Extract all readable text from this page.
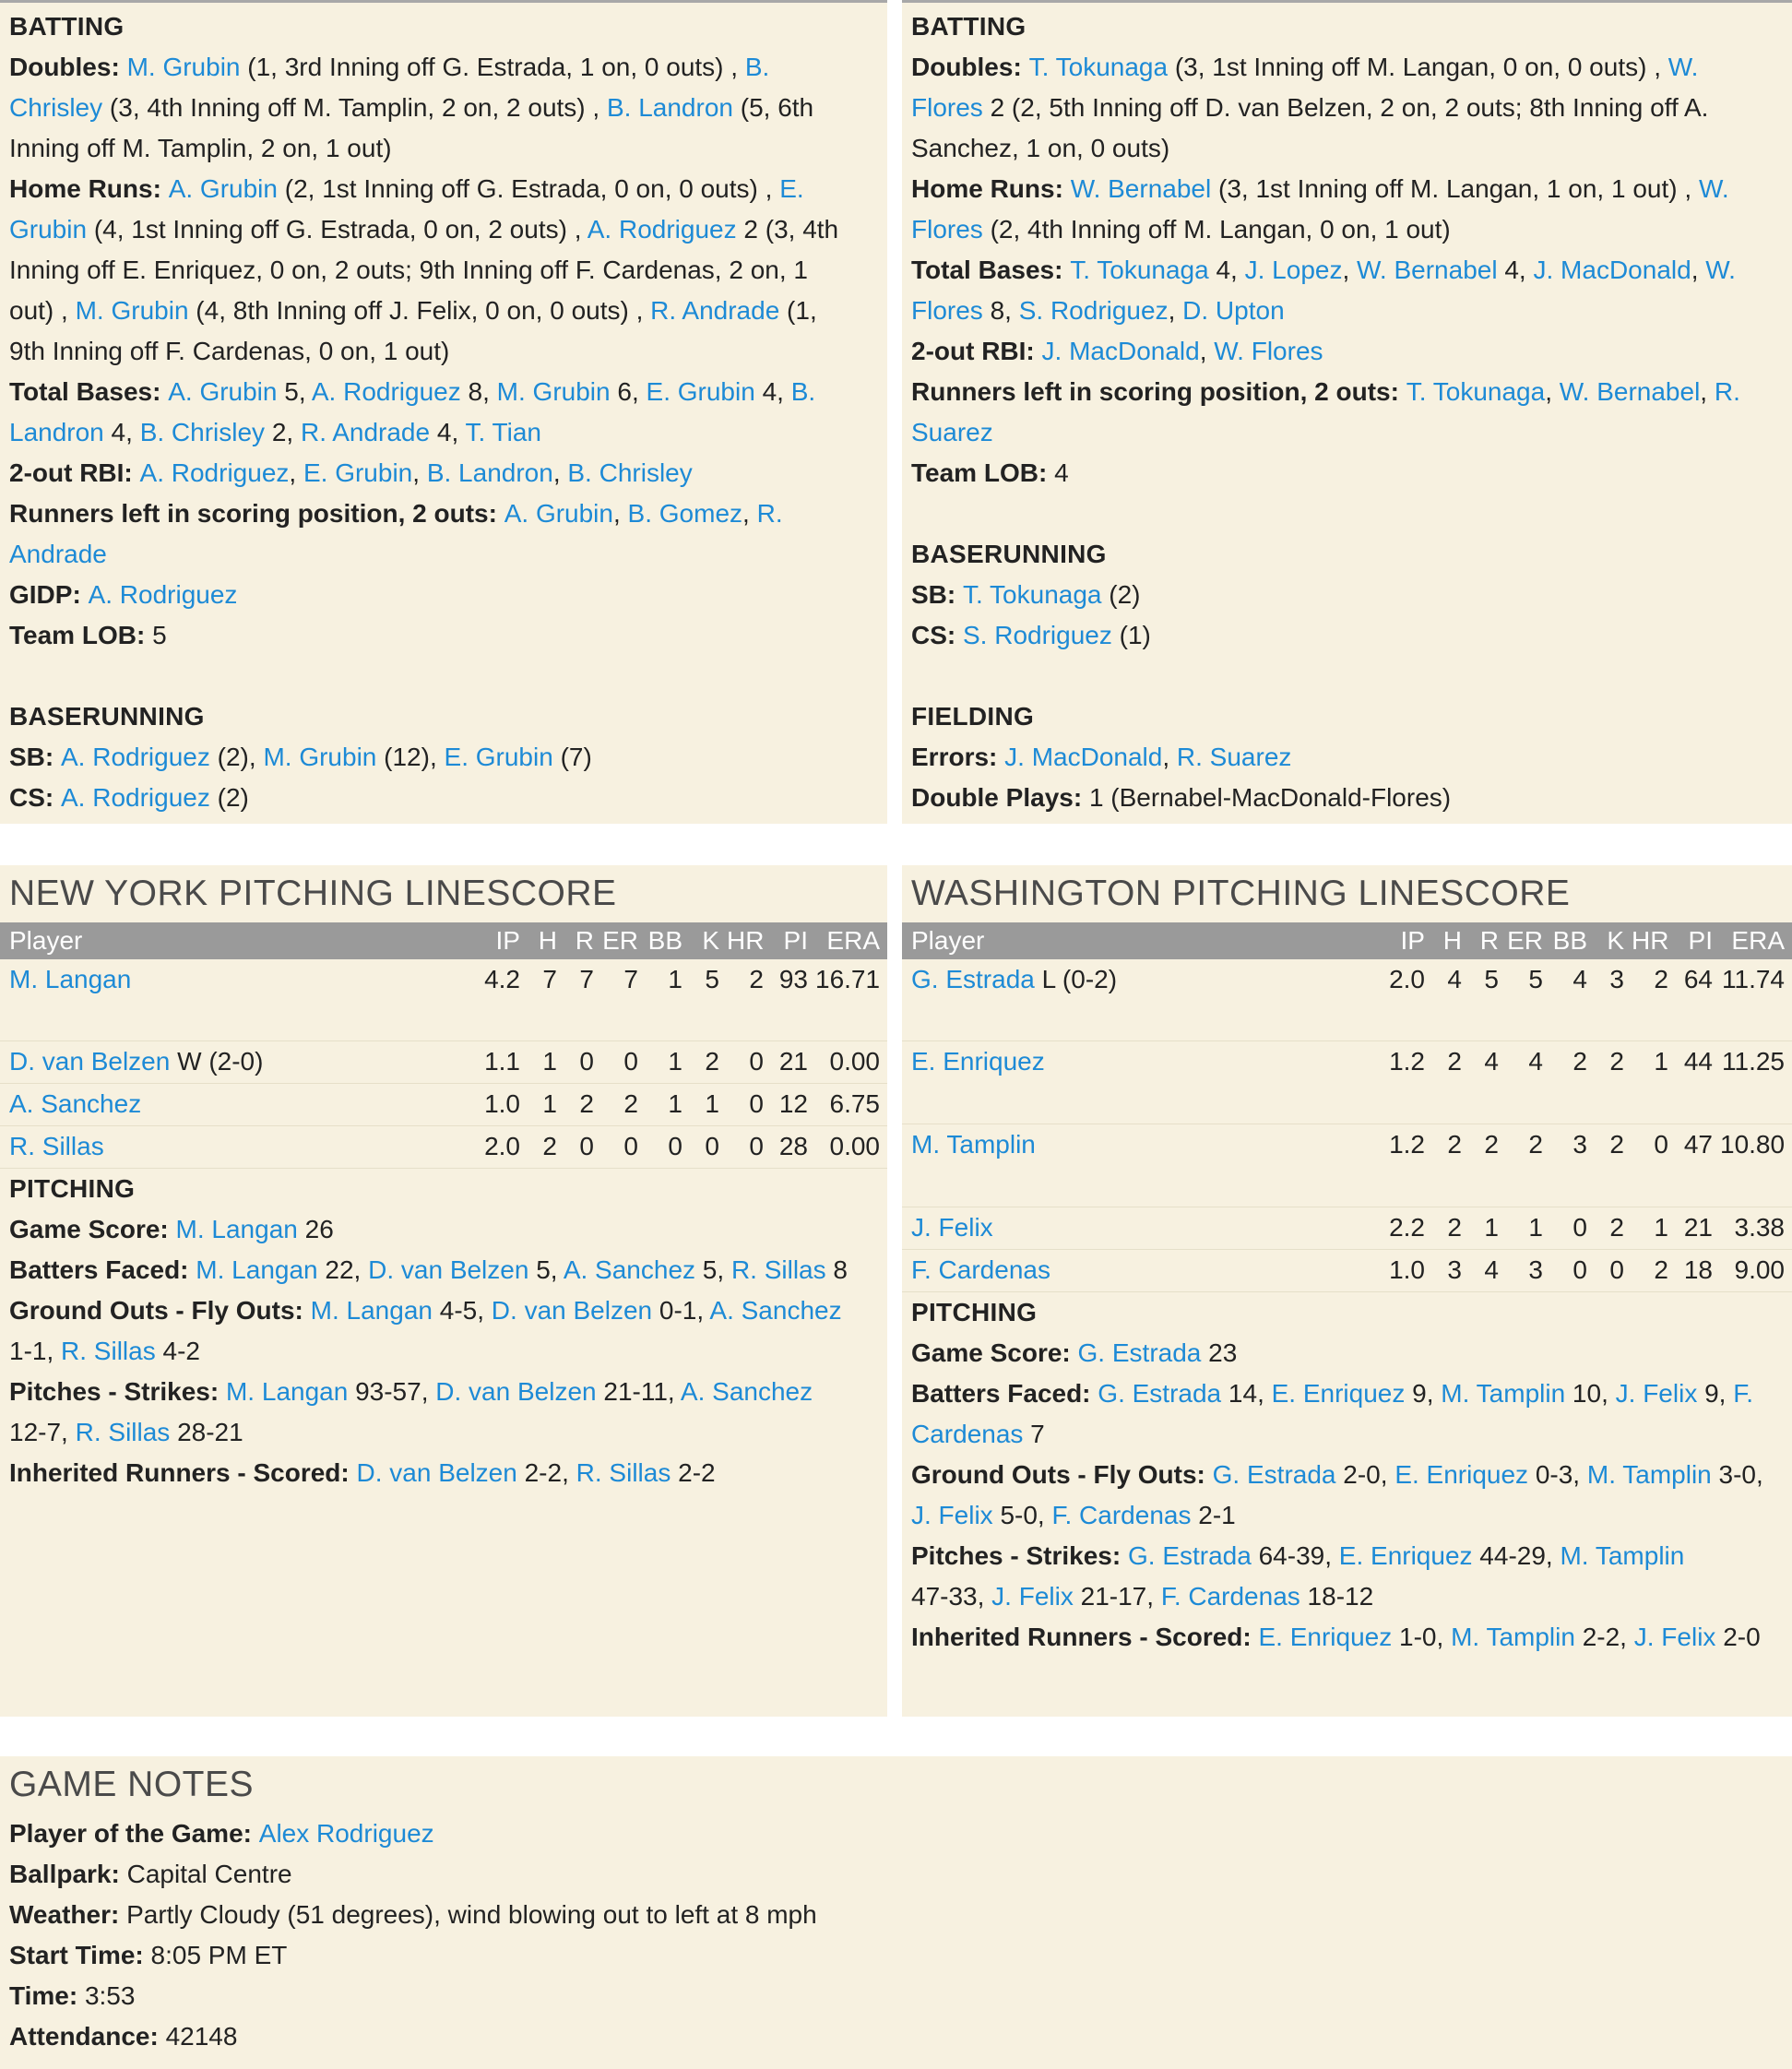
BATTING
Doubles: M. Grubin (1, 3rd Inning off G. Estrada, 1 on, 0 outs) , B.
Chrisley (3, 4th Inning off M. Tamplin, 2 on, 2 outs) , B. Landron (5, 6th
Inning off M. Tamplin, 2 on, 1 out)
Home Runs: A. Grubin (2, 1st Inning off G. Estrada, 0 on, 0 outs) , E.
Grubin (4, 1st Inning off G. Estrada, 0 on, 2 outs) , A. Rodriguez 2 (3, 4th
Inning off E. Enriquez, 0 on, 2 outs; 9th Inning off F. Cardenas, 2 on, 1
out) , M. Grubin (4, 8th Inning off J. Felix, 0 on, 0 outs) , R. Andrade (1,
9th Inning off F. Cardenas, 0 on, 1 out)
Total Bases: A. Grubin 5, A. Rodriguez 8, M. Grubin 6, E. Grubin 4, B.
Landron 4, B. Chrisley 2, R. Andrade 4, T. Tian
2-out RBI: A. Rodriguez, E. Grubin, B. Landron, B. Chrisley
Runners left in scoring position, 2 outs: A. Grubin, B. Gomez, R.
Andrade
GIDP: A. Rodriguez
Team LOB: 5
BASERUNNING
SB: A. Rodriguez (2), M. Grubin (12), E. Grubin (7)
CS: A. Rodriguez (2)
BATTING
Doubles: T. Tokunaga (3, 1st Inning off M. Langan, 0 on, 0 outs) , W.
Flores 2 (2, 5th Inning off D. van Belzen, 2 on, 2 outs; 8th Inning off A.
Sanchez, 1 on, 0 outs)
Home Runs: W. Bernabel (3, 1st Inning off M. Langan, 1 on, 1 out) , W.
Flores (2, 4th Inning off M. Langan, 0 on, 1 out)
Total Bases: T. Tokunaga 4, J. Lopez, W. Bernabel 4, J. MacDonald, W.
Flores 8, S. Rodriguez, D. Upton
2-out RBI: J. MacDonald, W. Flores
Runners left in scoring position, 2 outs: T. Tokunaga, W. Bernabel, R.
Suarez
Team LOB: 4
BASERUNNING
SB: T. Tokunaga (2)
CS: S. Rodriguez (1)
FIELDING
Errors: J. MacDonald, R. Suarez
Double Plays: 1 (Bernabel-MacDonald-Flores)
NEW YORK PITCHING LINESCORE
Player	IP	H	R	ER	BB	K	HR	PI	ERA
M. Langan	4.2	7	7	7	1	5	2	93	16.71
D. van Belzen W (2-0)	1.1	1	0	0	1	2	0	21	0.00
A. Sanchez	1.0	1	2	2	1	1	0	12	6.75
R. Sillas	2.0	2	0	0	0	0	0	28	0.00
PITCHING
Game Score: M. Langan 26
Batters Faced: M. Langan 22, D. van Belzen 5, A. Sanchez 5, R. Sillas 8
Ground Outs - Fly Outs: M. Langan 4-5, D. van Belzen 0-1, A. Sanchez
1-1, R. Sillas 4-2
Pitches - Strikes: M. Langan 93-57, D. van Belzen 21-11, A. Sanchez
12-7, R. Sillas 28-21
Inherited Runners - Scored: D. van Belzen 2-2, R. Sillas 2-2
WASHINGTON PITCHING LINESCORE
Player	IP	H	R	ER	BB	K	HR	PI	ERA
G. Estrada L (0-2)	2.0	4	5	5	4	3	2	64	11.74
E. Enriquez	1.2	2	4	4	2	2	1	44	11.25
M. Tamplin	1.2	2	2	2	3	2	0	47	10.80
J. Felix	2.2	2	1	1	0	2	1	21	3.38
F. Cardenas	1.0	3	4	3	0	0	2	18	9.00
PITCHING
Game Score: G. Estrada 23
Batters Faced: G. Estrada 14, E. Enriquez 9, M. Tamplin 10, J. Felix 9, F.
Cardenas 7
Ground Outs - Fly Outs: G. Estrada 2-0, E. Enriquez 0-3, M. Tamplin 3-0,
J. Felix 5-0, F. Cardenas 2-1
Pitches - Strikes: G. Estrada 64-39, E. Enriquez 44-29, M. Tamplin
47-33, J. Felix 21-17, F. Cardenas 18-12
Inherited Runners - Scored: E. Enriquez 1-0, M. Tamplin 2-2, J. Felix 2-0
GAME NOTES
Player of the Game: Alex Rodriguez
Ballpark: Capital Centre
Weather: Partly Cloudy (51 degrees), wind blowing out to left at 8 mph
Start Time: 8:05 PM ET
Time: 3:53
Attendance: 42148
